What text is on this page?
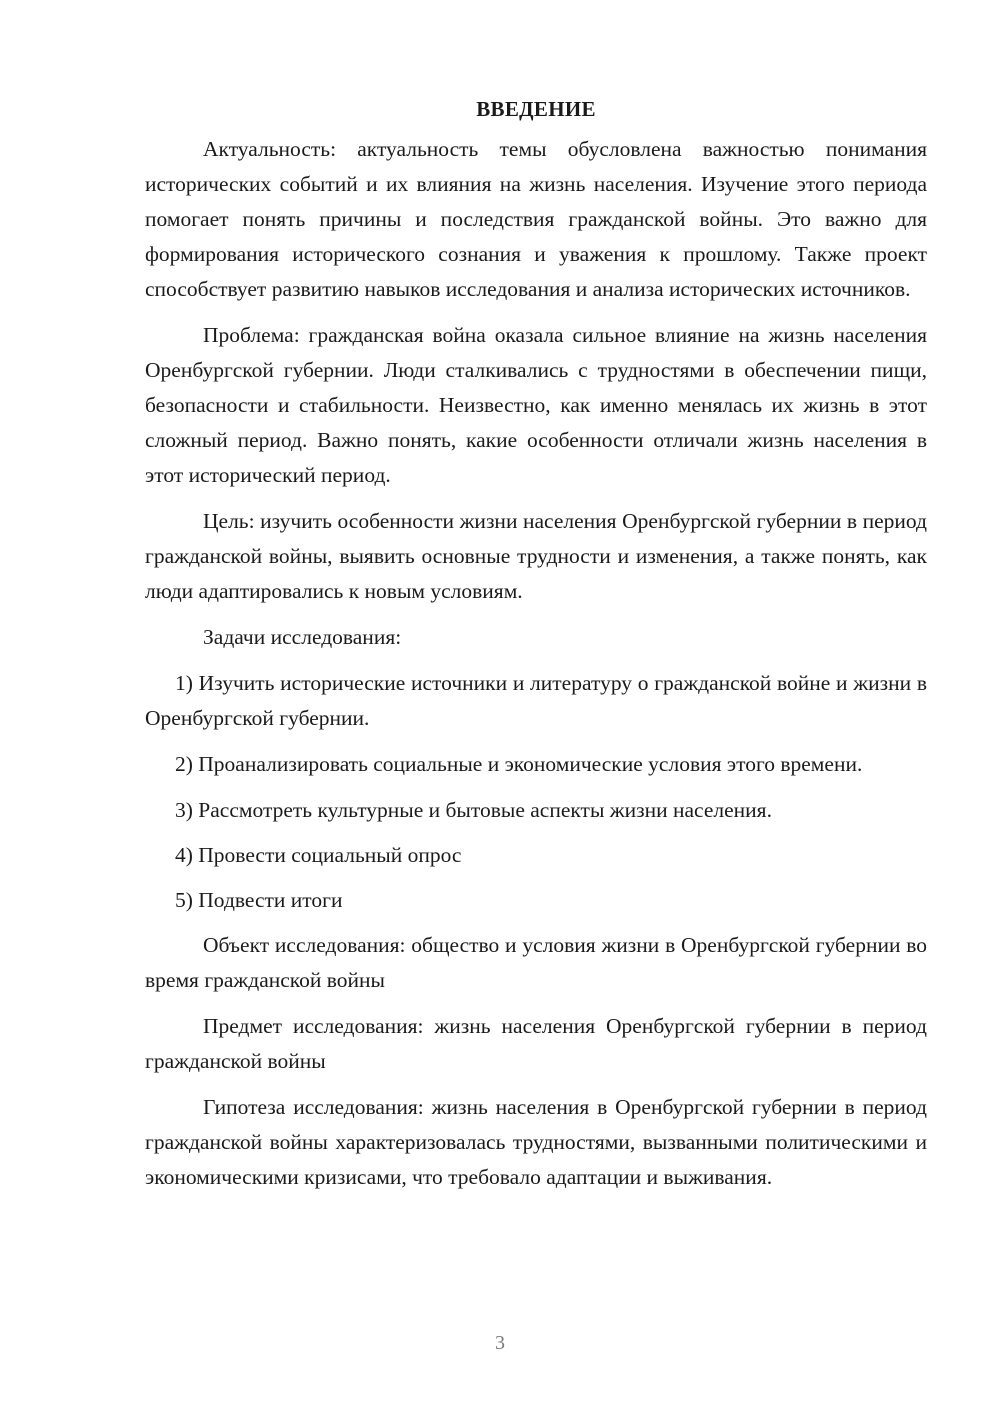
ВВЕДЕНИЕ

Актуальность: актуальность темы обусловлена важностью понимания исторических событий и их влияния на жизнь населения. Изучение этого периода помогает понять причины и последствия гражданской войны. Это важно для формирования исторического сознания и уважения к прошлому. Также проект способствует развитию навыков исследования и анализа исторических источников.

Проблема: гражданская война оказала сильное влияние на жизнь населения Оренбургской губернии. Люди сталкивались с трудностями в обеспечении пищи, безопасности и стабильности. Неизвестно, как именно менялась их жизнь в этот сложный период. Важно понять, какие особенности отличали жизнь населения в этот исторический период.

Цель: изучить особенности жизни населения Оренбургской губернии в период гражданской войны, выявить основные трудности и изменения, а также понять, как люди адаптировались к новым условиям.

Задачи исследования:

1) Изучить исторические источники и литературу о гражданской войне и жизни в Оренбургской губернии.

2) Проанализировать социальные и экономические условия этого времени.

3) Рассмотреть культурные и бытовые аспекты жизни населения.

4) Провести социальный опрос

5) Подвести итоги

Объект исследования: общество и условия жизни в Оренбургской губернии во время гражданской войны

Предмет исследования: жизнь населения Оренбургской губернии в период гражданской войны

Гипотеза исследования: жизнь населения в Оренбургской губернии в период гражданской войны характеризовалась трудностями, вызванными политическими и экономическими кризисами, что требовало адаптации и выживания.

3
